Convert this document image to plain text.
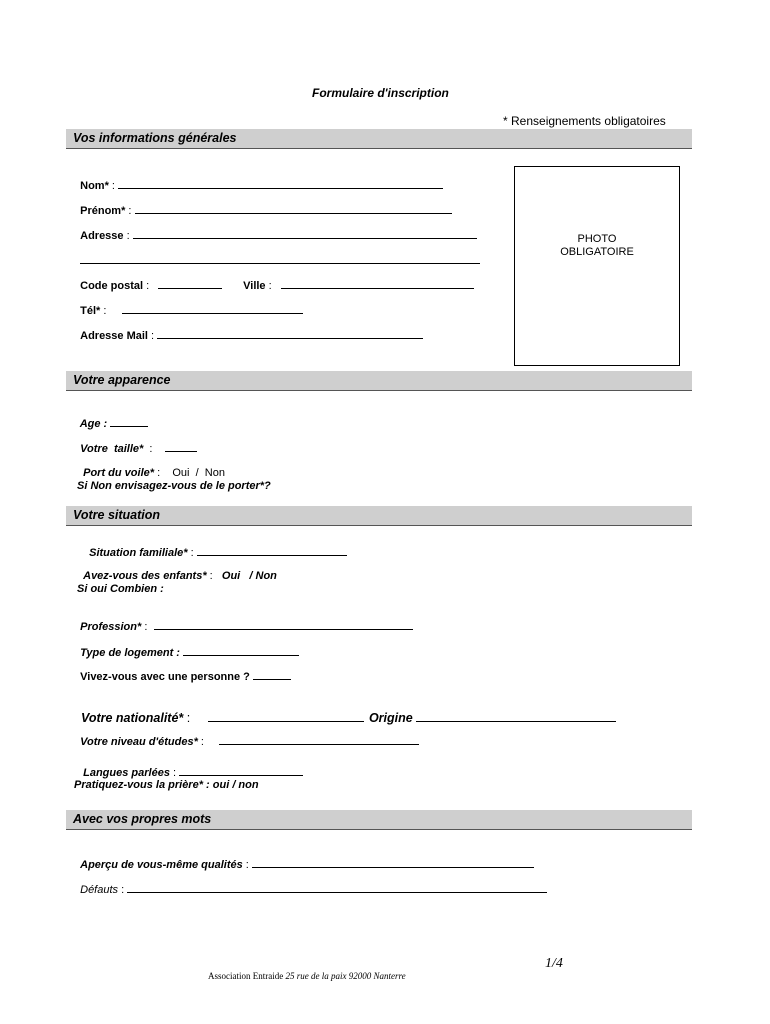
Formulaire d'inscription
* Renseignements obligatoires
Vos informations générales

Nom* :

Prénom* :

Adresse :

Code postal :	Ville :

Tél* :

Adresse Mail :

PHOTO
OBLIGATOIRE
Votre apparence

Age :

Votre  taille*  :

Port du voile* :    Oui  /  Non

Si Non envisagez-vous de le porter*?
Votre situation

Situation familiale* :

Avez-vous des enfants* :   Oui   / Non

Si oui Combien :

Profession* :

Type de logement :

Vivez-vous avec une personne ?

Votre nationalité* :	Origine

Votre niveau d'études* :

Langues parlées :

Pratiquez-vous la prière* : oui / non
Avec vos propres mots

Aperçu de vous-même qualités :

Défauts :

Association Entraide 25 rue de la paix 92000 Nanterre

1/4
